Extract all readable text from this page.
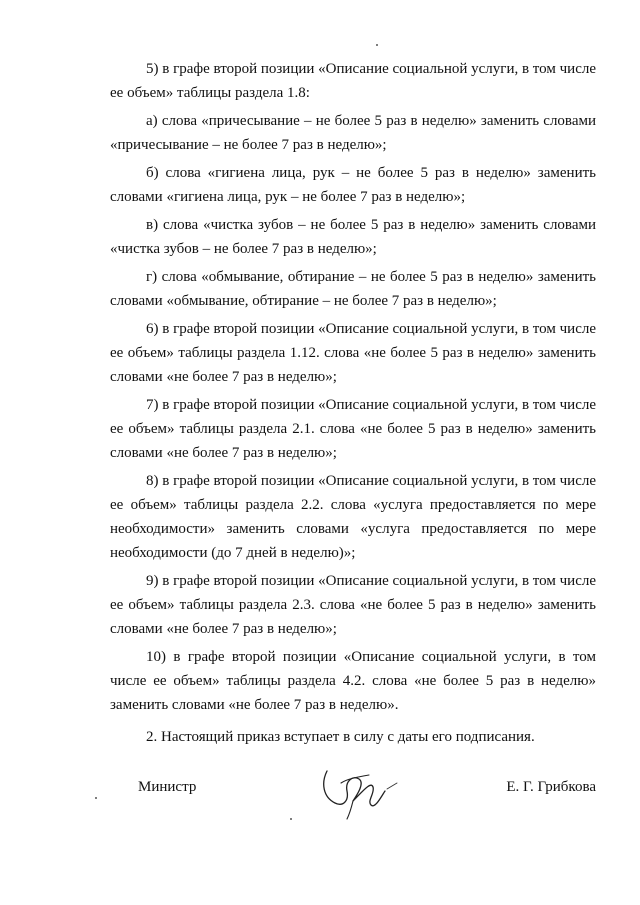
5) в графе второй позиции «Описание социальной услуги, в том числе ее объем» таблицы раздела 1.8:

а) слова «причесывание – не более 5 раз в неделю» заменить словами «причесывание – не более 7 раз в неделю»;

б) слова «гигиена лица, рук – не более 5 раз в неделю» заменить словами «гигиена лица, рук – не более 7 раз в неделю»;

в) слова «чистка зубов – не более 5 раз в неделю» заменить словами «чистка зубов – не более 7 раз в неделю»;

г) слова «обмывание, обтирание – не более 5 раз в неделю» заменить словами «обмывание, обтирание – не более 7 раз в неделю»;

6) в графе второй позиции «Описание социальной услуги, в том числе ее объем» таблицы раздела 1.12. слова «не более 5 раз в неделю» заменить словами «не более 7 раз в неделю»;

7) в графе второй позиции «Описание социальной услуги, в том числе ее объем» таблицы раздела 2.1. слова «не более 5 раз в неделю» заменить словами «не более 7 раз в неделю»;

8) в графе второй позиции «Описание социальной услуги, в том числе ее объем» таблицы раздела 2.2. слова «услуга предоставляется по мере необходимости» заменить словами «услуга предоставляется по мере необходимости (до 7 дней в неделю)»;

9) в графе второй позиции «Описание социальной услуги, в том числе ее объем» таблицы раздела 2.3. слова «не более 5 раз в неделю» заменить словами «не более 7 раз в неделю»;

10) в графе второй позиции «Описание социальной услуги, в том числе ее объем» таблицы раздела 4.2. слова «не более 5 раз в неделю» заменить словами «не более 7 раз в неделю».

2. Настоящий приказ вступает в силу с даты его подписания.

Министр	Е. Г. Грибкова
